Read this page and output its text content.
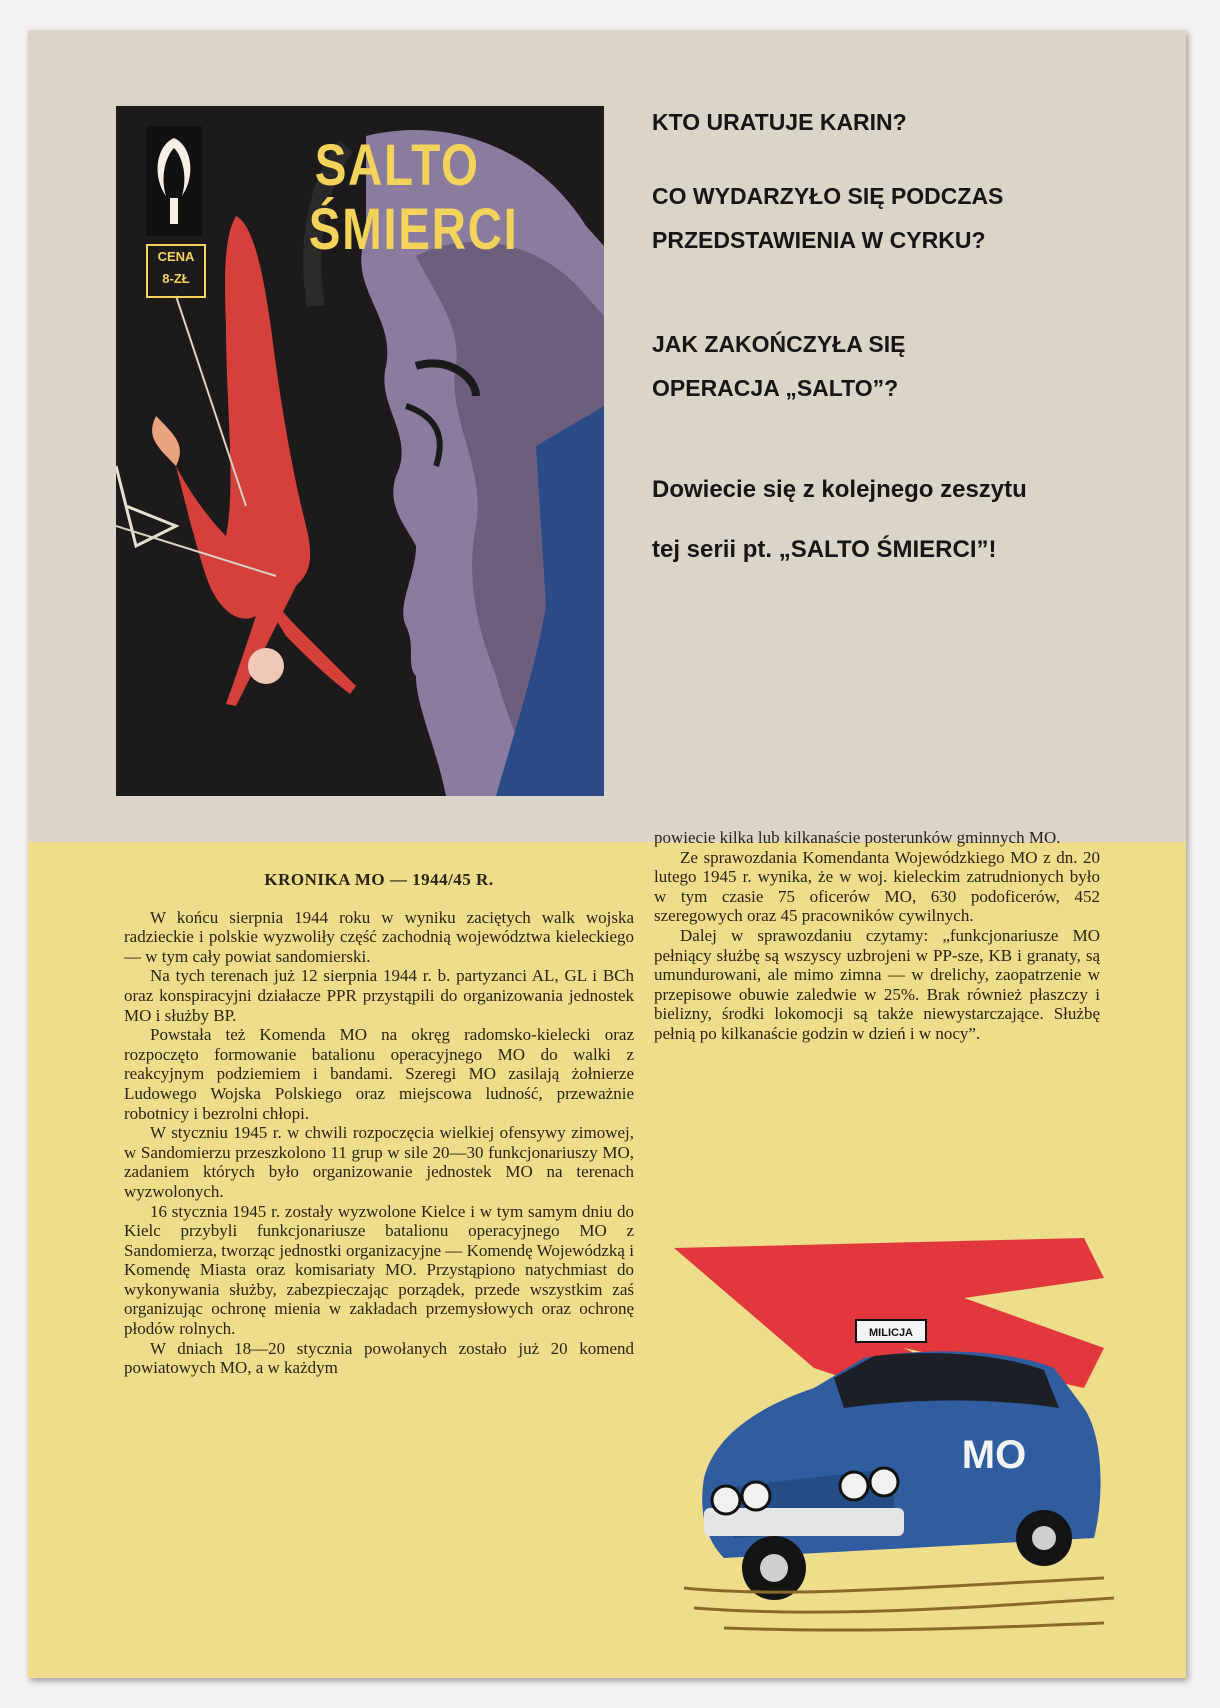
SALTO
ŚMIERCI
CENA
8-ZŁ

KTO URATUJE KARIN?

CO WYDARZYŁO SIĘ PODCZAS

PRZEDSTAWIENIA W CYRKU?

JAK ZAKOŃCZYŁA SIĘ

OPERACJA „SALTO”?

Dowiecie się z kolejnego zeszytu

tej serii pt. „SALTO ŚMIERCI”!

KRONIKA MO — 1944/45 R.

W końcu sierpnia 1944 roku w wyniku zaciętych walk wojska radzieckie i polskie wyzwoliły część zachodnią województwa kieleckiego — w tym cały powiat sandomierski.

Na tych terenach już 12 sierpnia 1944 r. b. partyzanci AL, GL i BCh oraz konspiracyjni działacze PPR przystąpili do organizowania jednostek MO i służby BP.

Powstała też Komenda MO na okręg radomsko-kielecki oraz rozpoczęto formowanie batalionu operacyjnego MO do walki z reakcyjnym podziemiem i bandami. Szeregi MO zasilają żołnierze Ludowego Wojska Polskiego oraz miejscowa ludność, przeważnie robotnicy i bezrolni chłopi.

W styczniu 1945 r. w chwili rozpoczęcia wielkiej ofensywy zimowej, w Sandomierzu przeszkolono 11 grup w sile 20—30 funkcjonariuszy MO, zadaniem których było organizowanie jednostek MO na terenach wyzwolonych.

16 stycznia 1945 r. zostały wyzwolone Kielce i w tym samym dniu do Kielc przybyli funkcjonariusze batalionu operacyjnego MO z Sandomierza, tworząc jednostki organizacyjne — Komendę Wojewódzką i Komendę Miasta oraz komisariaty MO. Przystąpiono natychmiast do wykonywania służby, zabezpieczając porządek, przede wszystkim zaś organizując ochronę mienia w zakładach przemysłowych oraz ochronę płodów rolnych.

W dniach 18—20 stycznia powołanych zostało już 20 komend powiatowych MO, a w każdym

powiecie kilka lub kilkanaście posterunków gminnych MO.

Ze sprawozdania Komendanta Wojewódzkiego MO z dn. 20 lutego 1945 r. wynika, że w woj. kieleckim zatrudnionych było w tym czasie 75 oficerów MO, 630 podoficerów, 452 szeregowych oraz 45 pracowników cywilnych.

Dalej w sprawozdaniu czytamy: „funkcjonariusze MO pełniący służbę są wszyscy uzbrojeni w PP-sze, KB i granaty, są umundurowani, ale mimo zimna — w drelichy, zaopatrzenie w przepisowe obuwie zaledwie w 25%. Brak również płaszczy i bielizny, środki lokomocji są także niewystarczające. Służbę pełnią po kilkanaście godzin w dzień i w nocy”.

MILICJA
MO
